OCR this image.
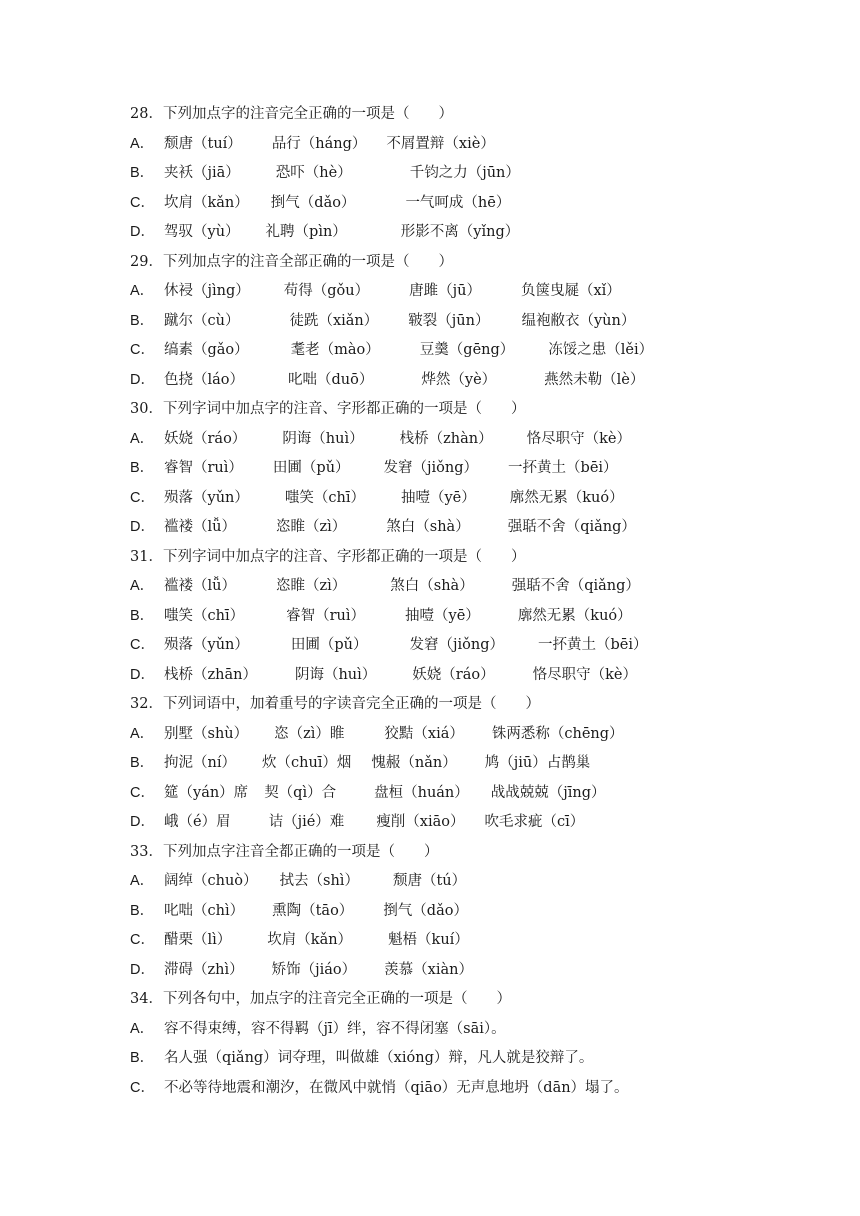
28．下列加点字的注音完全正确的一项是（　　）
A． 颓唐（tuí） 品行（háng） 不屑置辩（xiè）
B． 夹袄（jiā） 恐吓（hè）	千钧之力（jūn）
C． 坎肩（kǎn） 捯气（dǎo）	一气呵成（hē）
D． 驾驭（yù） 礼聘（pìn）	形影不离（yǐng）
29．下列加点字的注音全部正确的一项是（　　）
A． 休祲（jìng） 苟得（gǒu）	唐雎（jū）	负箧曳屣（xǐ）
B． 蹴尔（cù）	徒跣（xiǎn） 皲裂（jūn） 缊袍敝衣（yùn）
C． 缟素（gǎo）	耄老（mào）	豆羹（gēng） 冻馁之患（lěi）
D． 色挠（láo）	叱咄（duō）	烨然（yè）	燕然未勒（lè）
30．下列字词中加点字的注音、字形都正确的一项是（　　）
A． 妖娆（ráo） 阴诲（huì） 栈桥（zhàn） 恪尽职守（kè）
B． 睿智（ruì） 田圃（pǔ） 发窘（jiǒng） 一抔黄土（bēi）
C． 殒落（yǔn） 嗤笑（chī） 抽噎（yē） 廓然无累（kuó）
D． 褴褛（lǚ）	恣睢（zì）	煞白（shà）	强聒不舍（qiǎng）
31．下列字词中加点字的注音、字形都正确的一项是（　　）
A． 褴褛（lǚ）	恣睢（zì）	煞白（shà）	强聒不舍（qiǎng）
B． 嗤笑（chī）	睿智（ruì）	抽噎（yē）	廓然无累（kuó）
C． 殒落（yǔn）	田圃（pǔ）	发窘（jiǒng） 一抔黄土（bēi）
D． 栈桥（zhān）	阴诲（huì） 妖娆（ráo）	恪尽职守（kè）
32．下列词语中，加着重号的字读音完全正确的一项是（　　）
A． 别墅（shù） 恣（zì）睢	狡黠（xiá） 铢两悉称（chēng）
B． 拘泥（ní） 炊（chuī）烟 愧赧（nǎn） 鸠（jiū）占鹊巢
C． 筵（yán）席 契（qì）合	盘桓（huán） 战战兢兢（jīng）
D． 峨（é）眉	诘（jié）难 瘦削（xiāo） 吹毛求疵（cī）
33．下列加点字注音全都正确的一项是（　　）
A． 阔绰（chuò） 拭去（shì） 颓唐（tú）
B． 叱咄（chì） 熏陶（tāo） 捯气（dǎo）
C． 醋栗（lì） 坎肩（kǎn） 魁梧（kuí）
D． 滞碍（zhì） 矫饰（jiáo） 羡慕（xiàn）
34．下列各句中，加点字的注音完全正确的一项是（　　）
A． 容不得束缚，容不得羁（jī）绊，容不得闭塞（sāi）。
B． 名人强（qiǎng）词夺理，叫做雄（xióng）辩，凡人就是狡辩了。
C． 不必等待地震和潮汐，在微风中就悄（qiāo）无声息地坍（dān）塌了。
